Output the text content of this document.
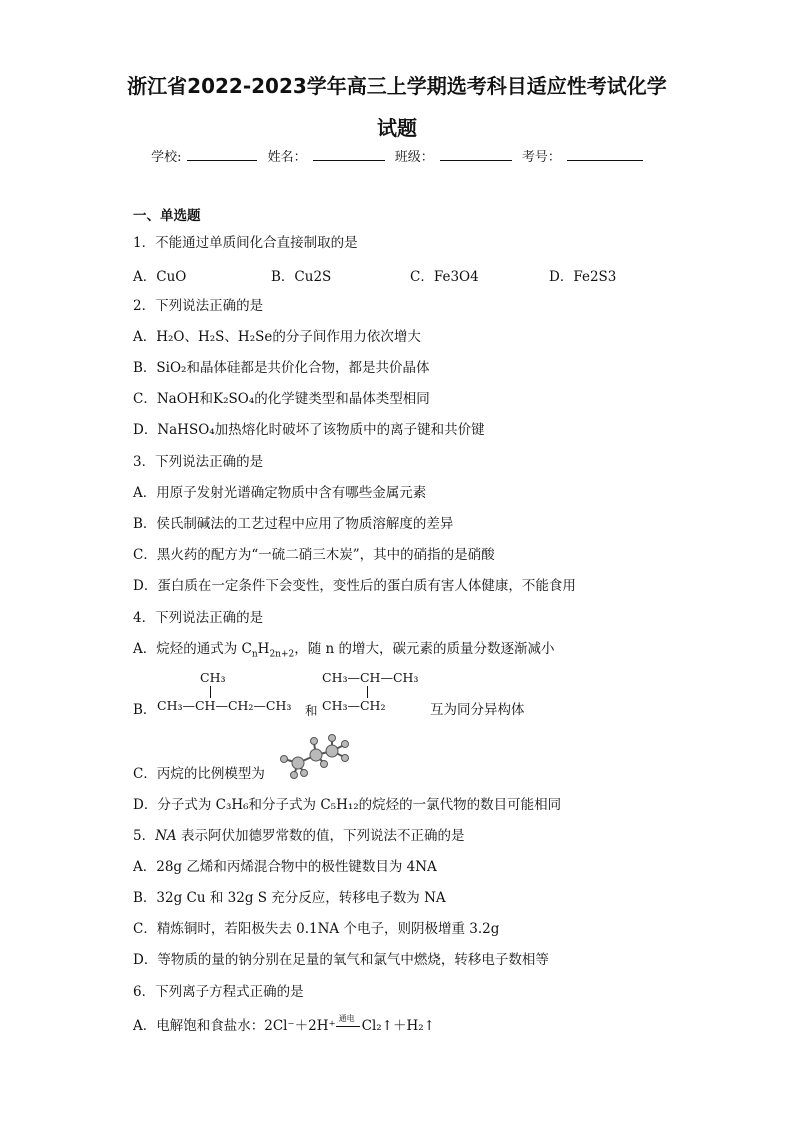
浙江省2022-2023学年高三上学期选考科目适应性考试化学
试题
学校:	姓名：	班级：	考号：
一、单选题
1．不能通过单质间化合直接制取的是
A．CuO	B．Cu2S	C．Fe3O4	D．Fe2S3
2．下列说法正确的是
A．H₂O、H₂S、H₂Se的分子间作用力依次增大
B．SiO₂和晶体硅都是共价化合物，都是共价晶体
C．NaOH和K₂SO₄的化学键类型和晶体类型相同
D．NaHSO₄加热熔化时破坏了该物质中的离子键和共价键
3．下列说法正确的是
A．用原子发射光谱确定物质中含有哪些金属元素
B．侯氏制碱法的工艺过程中应用了物质溶解度的差异
C．黑火药的配方为“一硫二硝三木炭”，其中的硝指的是硝酸
D．蛋白质在一定条件下会变性，变性后的蛋白质有害人体健康，不能食用
4．下列说法正确的是
A．烷烃的通式为 $C_nH_{2n+2}$，随 n 的增大，碳元素的质量分数逐渐减小
B．
CH₃
CH₃—CH—CH₂—CH₃ 和
CH₃—CH—CH₃
CH₃—CH₂	互为同分异构体
C．丙烷的比例模型为
D．分子式为 C₃H₆和分子式为 C₅H₁₂的烷烃的一氯代物的数目可能相同
5．NA 表示阿伏加德罗常数的值，下列说法不正确的是
A．28g 乙烯和丙烯混合物中的极性键数目为 4NA
B．32g Cu 和 32g S 充分反应，转移电子数为 NA
C．精炼铜时，若阳极失去 0.1NA 个电子，则阴极增重 3.2g
D．等物质的量的钠分别在足量的氧气和氯气中燃烧，转移电子数相等
6．下列离子方程式正确的是
A．电解饱和食盐水：2Cl⁻＋2H⁺ 通电 Cl₂↑＋H₂↑
